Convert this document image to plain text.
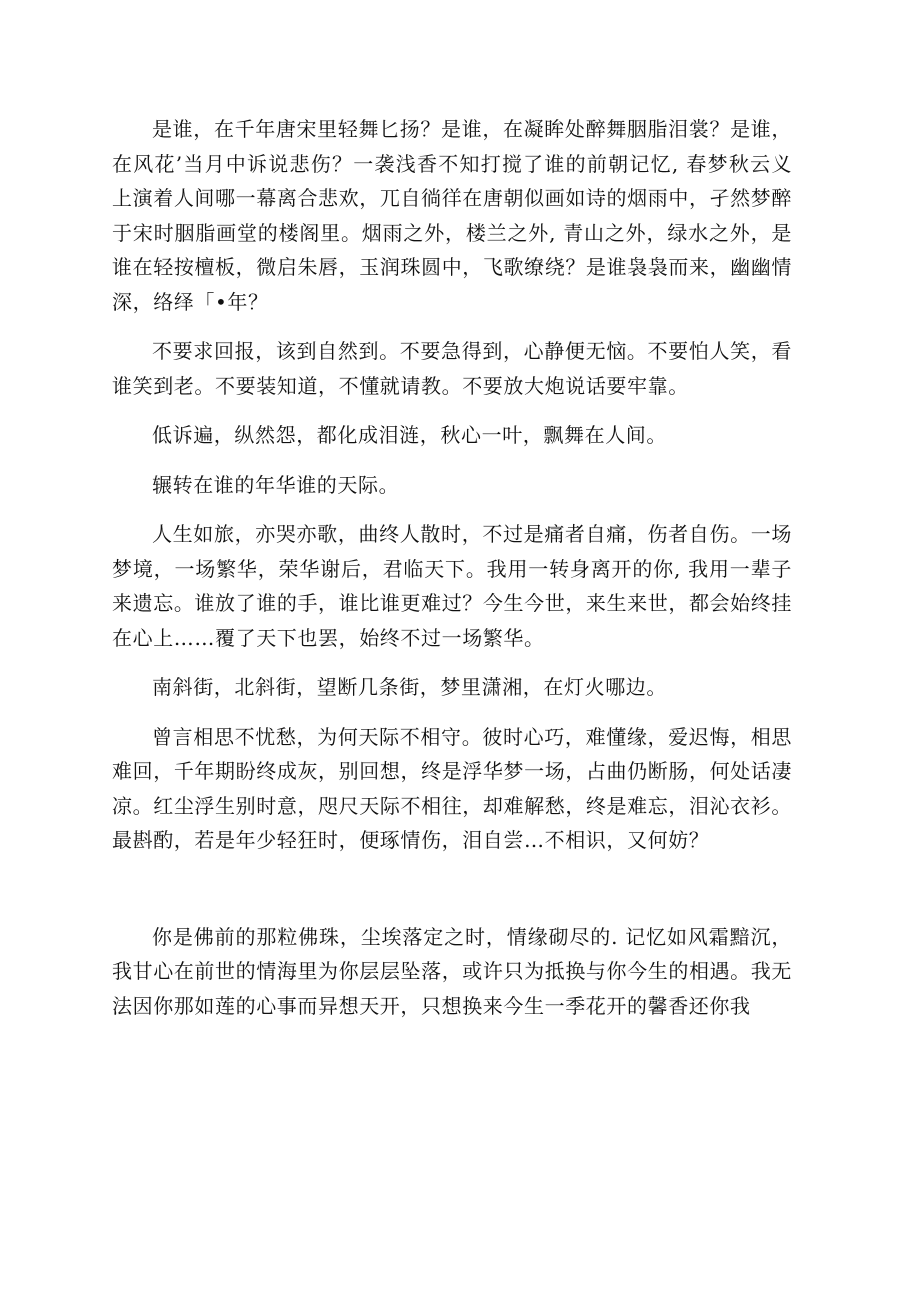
是谁，在千年唐宋里轻舞匕扬？是谁，在凝眸处醉舞胭脂泪裳？是谁，在风花’当月中诉说悲伤？一袭浅香不知打搅了谁的前朝记忆, 春梦秋云义上演着人间哪一幕离合悲欢，兀自徜徉在唐朝似画如诗的烟雨中，孑然梦醉于宋时胭脂画堂的楼阁里。烟雨之外，楼兰之外, 青山之外，绿水之外，是谁在轻按檀板，微启朱唇，玉润珠圆中，飞歌缭绕？是谁袅袅而来，幽幽情深，络绎「•年？

不要求回报，该到自然到。不要急得到，心静便无恼。不要怕人笑，看谁笑到老。不要装知道，不懂就请教。不要放大炮说话要牢靠。

低诉遍，纵然怨，都化成泪涟，秋心一叶，飘舞在人间。

辗转在谁的年华谁的天际。

人生如旅，亦哭亦歌，曲终人散时，不过是痛者自痛，伤者自伤。一场梦境，一场繁华，荣华谢后，君临天下。我用一转身离开的你, 我用一辈子来遗忘。谁放了谁的手，谁比谁更难过？今生今世，来生来世，都会始终挂在心上……覆了天下也罢，始终不过一场繁华。

南斜街，北斜街，望断几条街，梦里潇湘，在灯火哪边。

曾言相思不忧愁，为何天际不相守。彼时心巧，难懂缘，爱迟悔，相思难回，千年期盼终成灰，别回想，终是浮华梦一场，占曲仍断肠，何处话凄凉。红尘浮生别时意，咫尺天际不相往，却难解愁，终是难忘，泪沁衣衫。最斟酌，若是年少轻狂时，便琢情伤，泪自尝…不相识，又何妨？

你是佛前的那粒佛珠，尘埃落定之时，情缘砌尽的. 记忆如风霜黯沉，我甘心在前世的情海里为你层层坠落，或许只为抵换与你今生的相遇。我无法因你那如莲的心事而异想天开，只想换来今生一季花开的馨香还你我
